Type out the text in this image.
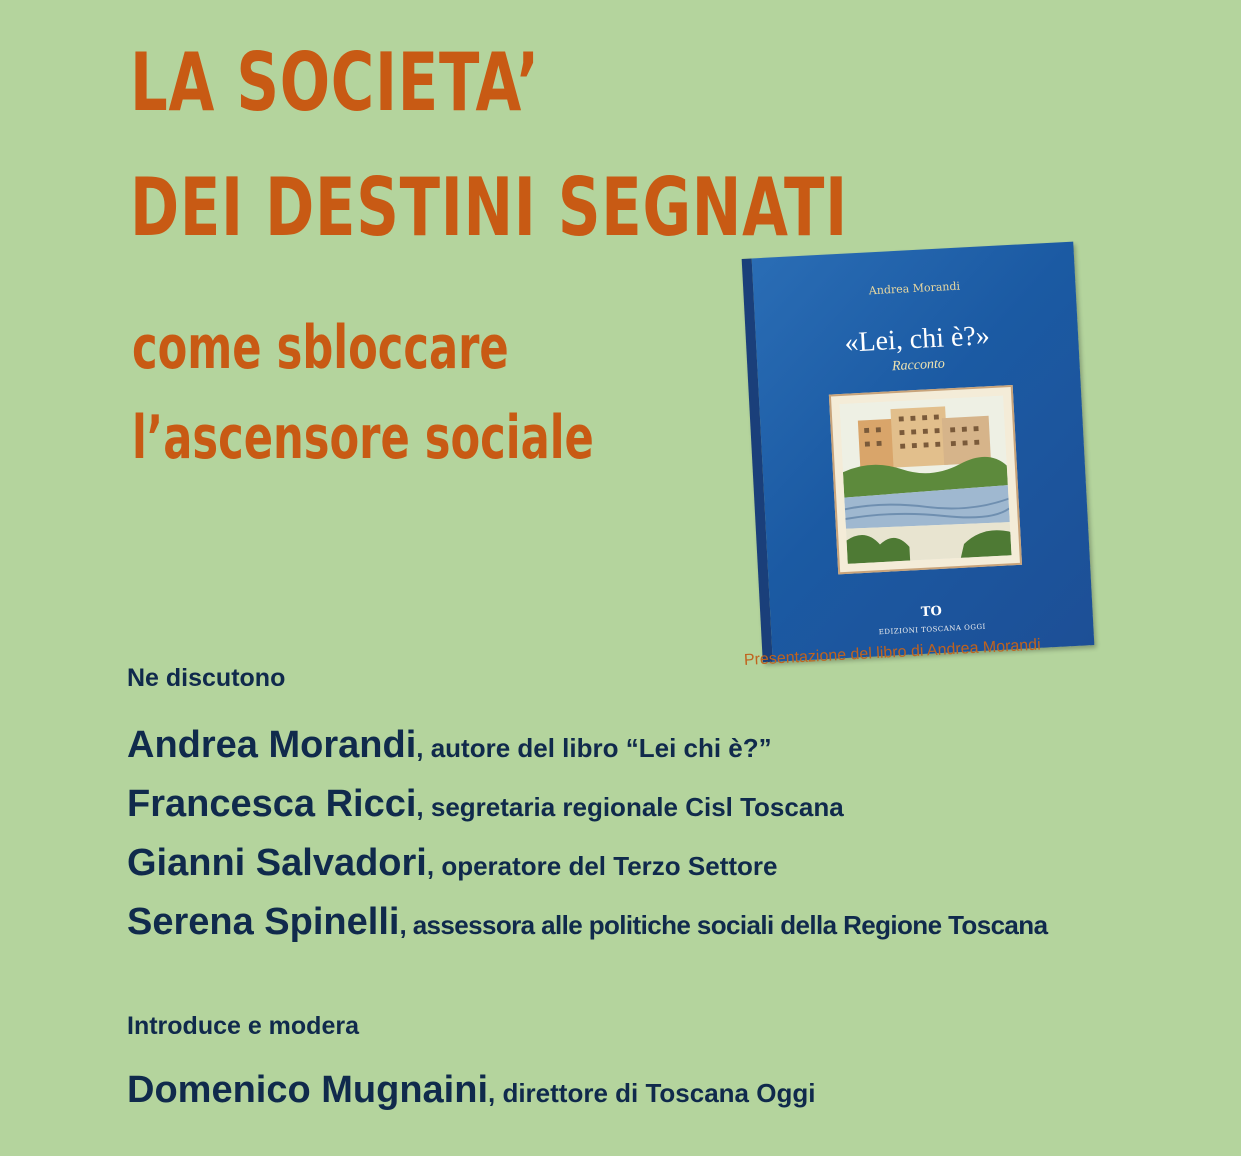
LA SOCIETA’
DEI DESTINI SEGNATI
come sbloccare
l’ascensore sociale
Andrea Morandi
«Lei, chi è?»
Racconto
TO
EDIZIONI TOSCANA OGGI
Presentazione del libro di Andrea Morandi

Ne discutono

Andrea Morandi, autore del libro “Lei chi è?”

Francesca Ricci, segretaria regionale Cisl Toscana

Gianni Salvadori, operatore del Terzo Settore

Serena Spinelli, assessora alle politiche sociali della Regione Toscana

Introduce e modera

Domenico Mugnaini, direttore di Toscana Oggi
